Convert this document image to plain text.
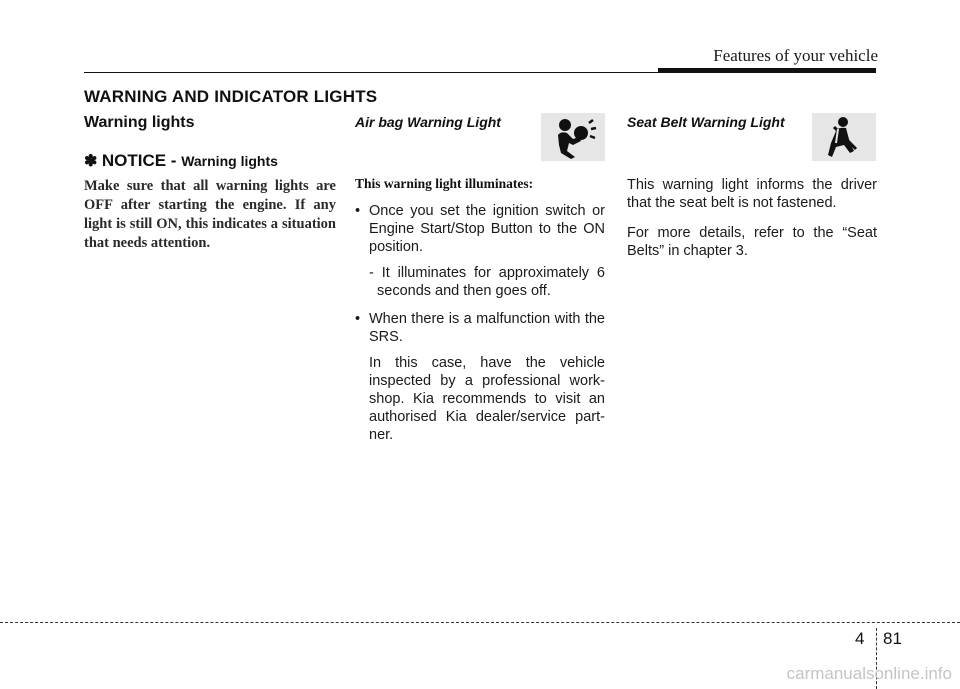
Features of your vehicle
WARNING AND INDICATOR LIGHTS
Warning lights
✽ NOTICE - Warning lights
Make sure that all warning lights are OFF after starting the engine. If any light is still ON, this indicates a situation that needs attention.
Air bag Warning Light
This warning light illuminates:
• Once you set the ignition switch or Engine Start/Stop Button to the ON position.
- It illuminates for approximately 6 seconds and then goes off.
• When there is a malfunction with the SRS.
In this case, have the vehicle inspected by a professional work-shop. Kia recommends to visit an authorised Kia dealer/service part-ner.
Seat Belt Warning Light
This warning light informs the driver that the seat belt is not fastened.
For more details, refer to the “Seat Belts” in chapter 3.
4 81
carmanualsonline.info
